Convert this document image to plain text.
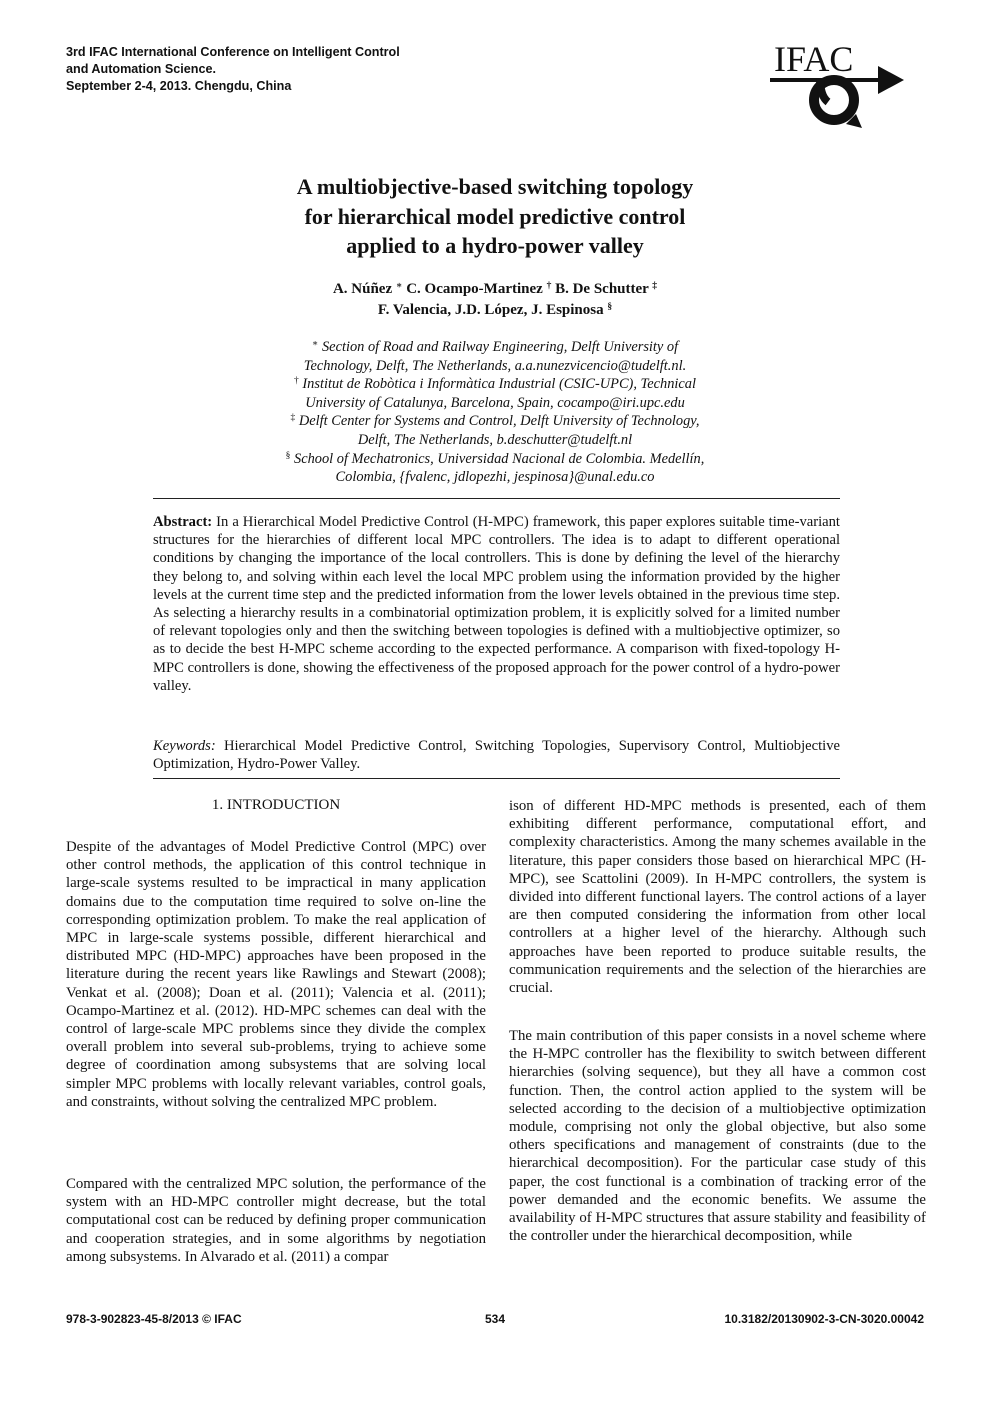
3rd IFAC International Conference on Intelligent Control
and Automation Science.
September 2-4, 2013. Chengdu, China
IFAC
A multiobjective-based switching topology
for hierarchical model predictive control
applied to a hydro-power valley
A. Núñez ∗ C. Ocampo-Martinez † B. De Schutter ‡
F. Valencia, J.D. López, J. Espinosa §
∗ Section of Road and Railway Engineering, Delft University of
Technology, Delft, The Netherlands, a.a.nunezvicencio@tudelft.nl.
† Institut de Robòtica i Informàtica Industrial (CSIC-UPC), Technical
University of Catalunya, Barcelona, Spain, cocampo@iri.upc.edu
‡ Delft Center for Systems and Control, Delft University of Technology,
Delft, The Netherlands, b.deschutter@tudelft.nl
§ School of Mechatronics, Universidad Nacional de Colombia. Medellín,
Colombia, {fvalenc, jdlopezhi, jespinosa}@unal.edu.co
Abstract: In a Hierarchical Model Predictive Control (H-MPC) framework, this paper explores suitable time-variant structures for the hierarchies of different local MPC controllers. The idea is to adapt to different operational conditions by changing the importance of the local controllers. This is done by defining the level of the hierarchy they belong to, and solving within each level the local MPC problem using the information provided by the higher levels at the current time step and the predicted information from the lower levels obtained in the previous time step. As selecting a hierarchy results in a combinatorial optimization problem, it is explicitly solved for a limited number of relevant topologies only and then the switching between topologies is defined with a multiobjective optimizer, so as to decide the best H-MPC scheme according to the expected performance. A comparison with fixed-topology H-MPC controllers is done, showing the effectiveness of the proposed approach for the power control of a hydro-power valley.
Keywords: Hierarchical Model Predictive Control, Switching Topologies, Supervisory Control, Multiobjective Optimization, Hydro-Power Valley.
1. INTRODUCTION
Despite of the advantages of Model Predictive Control (MPC) over other control methods, the application of this control technique in large-scale systems resulted to be impractical in many application domains due to the computation time required to solve on-line the corresponding optimization problem. To make the real application of MPC in large-scale systems possible, different hierarchical and distributed MPC (HD-MPC) approaches have been proposed in the literature during the recent years like Rawlings and Stewart (2008); Venkat et al. (2008); Doan et al. (2011); Valencia et al. (2011); Ocampo-Martinez et al. (2012). HD-MPC schemes can deal with the control of large-scale MPC problems since they divide the complex overall problem into several sub-problems, trying to achieve some degree of coordination among subsystems that are solving local simpler MPC problems with locally relevant variables, control goals, and constraints, without solving the centralized MPC problem.
Compared with the centralized MPC solution, the performance of the system with an HD-MPC controller might decrease, but the total computational cost can be reduced by defining proper communication and cooperation strategies, and in some algorithms by negotiation among subsystems. In Alvarado et al. (2011) a compar
ison of different HD-MPC methods is presented, each of them exhibiting different performance, computational effort, and complexity characteristics. Among the many schemes available in the literature, this paper considers those based on hierarchical MPC (H-MPC), see Scattolini (2009). In H-MPC controllers, the system is divided into different functional layers. The control actions of a layer are then computed considering the information from other local controllers at a higher level of the hierarchy. Although such approaches have been reported to produce suitable results, the communication requirements and the selection of the hierarchies are crucial.
The main contribution of this paper consists in a novel scheme where the H-MPC controller has the flexibility to switch between different hierarchies (solving sequence), but they all have a common cost function. Then, the control action applied to the system will be selected according to the decision of a multiobjective optimization module, comprising not only the global objective, but also some others specifications and management of constraints (due to the hierarchical decomposition). For the particular case study of this paper, the cost functional is a combination of tracking error of the power demanded and the economic benefits. We assume the availability of H-MPC structures that assure stability and feasibility of the controller under the hierarchical decomposition, while
978-3-902823-45-8/2013 © IFAC	534	10.3182/20130902-3-CN-3020.00042
